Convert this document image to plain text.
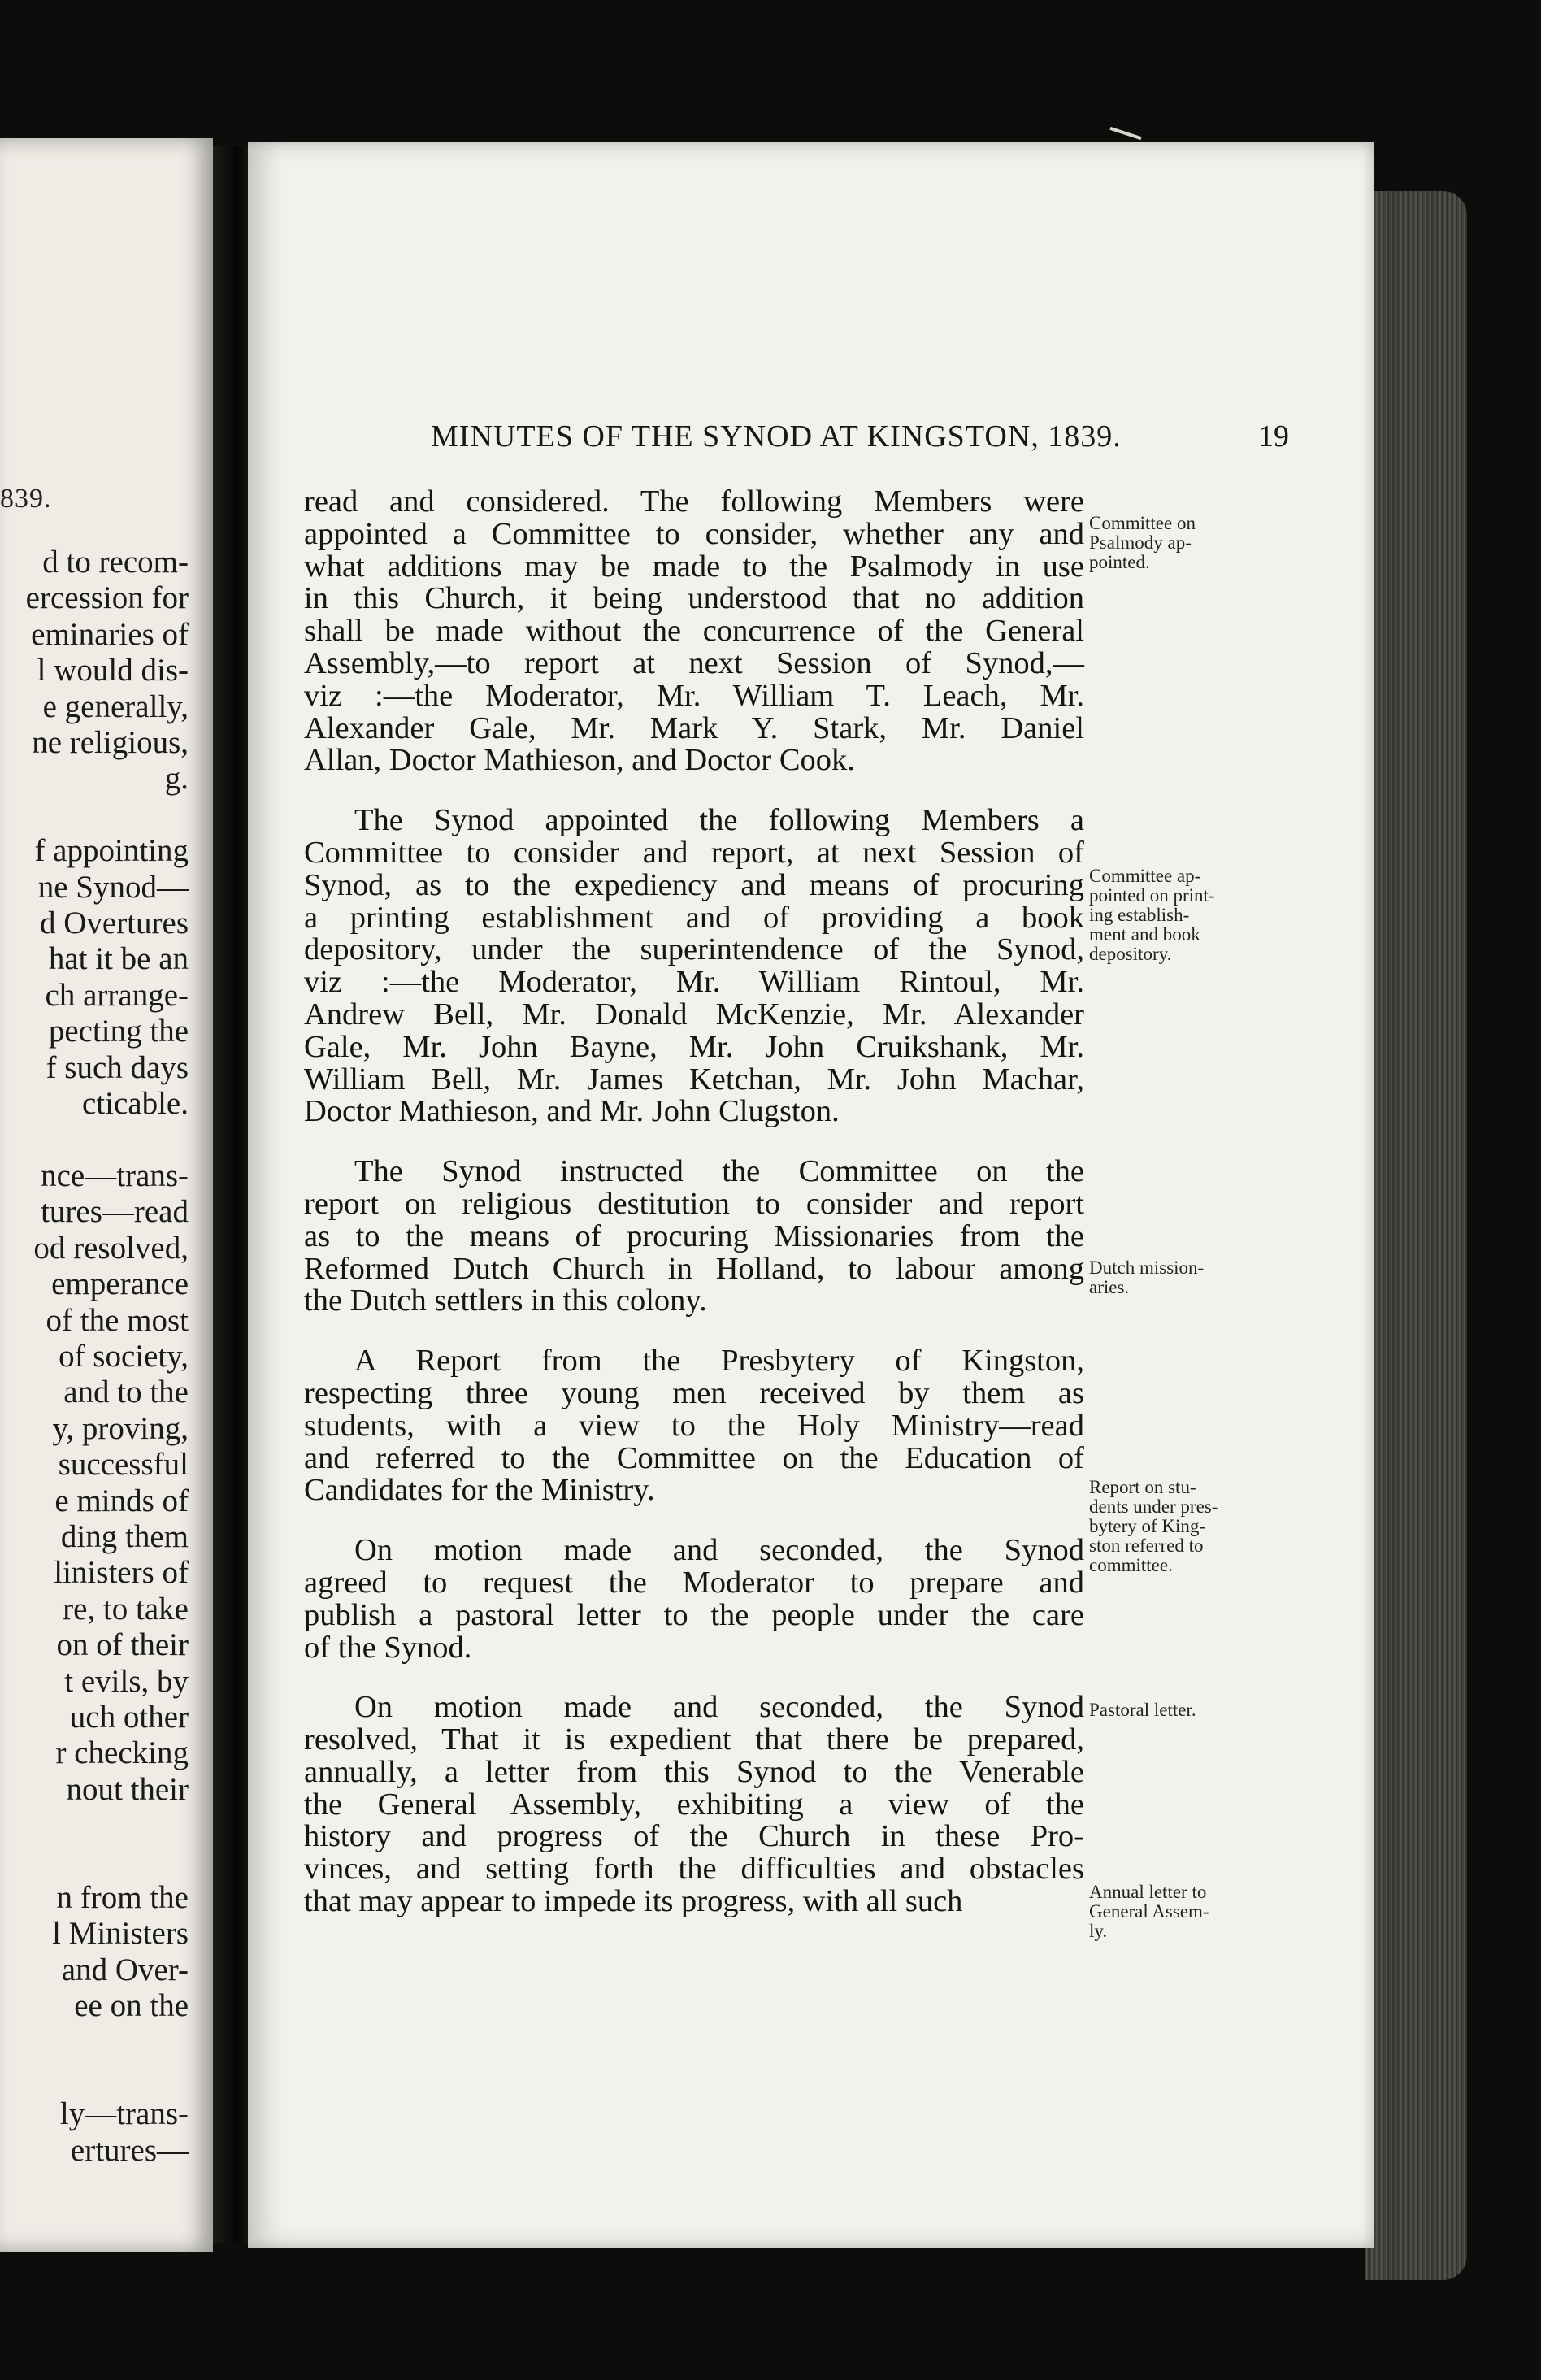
839.
d to recom-
ercession for
eminaries of
l would dis-
e generally,
ne religious,
g.

f appointing
ne Synod—
d Overtures
hat it be an
ch arrange-
pecting the
f such days
cticable.

nce—trans-
tures—read
od resolved,
emperance
of the most
of society,
and to the
y, proving,
successful
e minds of
ding them
linisters of
re, to take
on of their
t evils, by
uch other
r checking
nout their

n from the
l Ministers
and Over-
ee on the

ly—trans-
ertures—
MINUTES OF THE SYNOD AT KINGSTON, 1839.	19
read and considered. The following Members were
appointed a Committee to consider, whether any and
what additions may be made to the Psalmody in use
in this Church, it being understood that no addition
shall be made without the concurrence of the General
Assembly,—to report at next Session of Synod,—
viz :—the Moderator, Mr. William T. Leach, Mr.
Alexander Gale, Mr. Mark Y. Stark, Mr. Daniel
Allan, Doctor Mathieson, and Doctor Cook.
The Synod appointed the following Members a
Committee to consider and report, at next Session of
Synod, as to the expediency and means of procuring
a printing establishment and of providing a book
depository, under the superintendence of the Synod,
viz :—the Moderator, Mr. William Rintoul, Mr.
Andrew Bell, Mr. Donald McKenzie, Mr. Alexander
Gale, Mr. John Bayne, Mr. John Cruikshank, Mr.
William Bell, Mr. James Ketchan, Mr. John Machar,
Doctor Mathieson, and Mr. John Clugston.
The Synod instructed the Committee on the
report on religious destitution to consider and report
as to the means of procuring Missionaries from the
Reformed Dutch Church in Holland, to labour among
the Dutch settlers in this colony.
A Report from the Presbytery of Kingston,
respecting three young men received by them as
students, with a view to the Holy Ministry—read
and referred to the Committee on the Education of
Candidates for the Ministry.
On motion made and seconded, the Synod
agreed to request the Moderator to prepare and
publish a pastoral letter to the people under the care
of the Synod.
On motion made and seconded, the Synod
resolved, That it is expedient that there be prepared,
annually, a letter from this Synod to the Venerable
the General Assembly, exhibiting a view of the
history and progress of the Church in these Pro-
vinces, and setting forth the difficulties and obstacles
that may appear to impede its progress, with all such
Committee on
Psalmody ap-
pointed.
Committee ap-
pointed on print-
ing establish-
ment and book
depository.
Dutch mission-
aries.
Report on stu-
dents under pres-
bytery of King-
ston referred to
committee.
Pastoral letter.
Annual letter to
General Assem-
ly.
